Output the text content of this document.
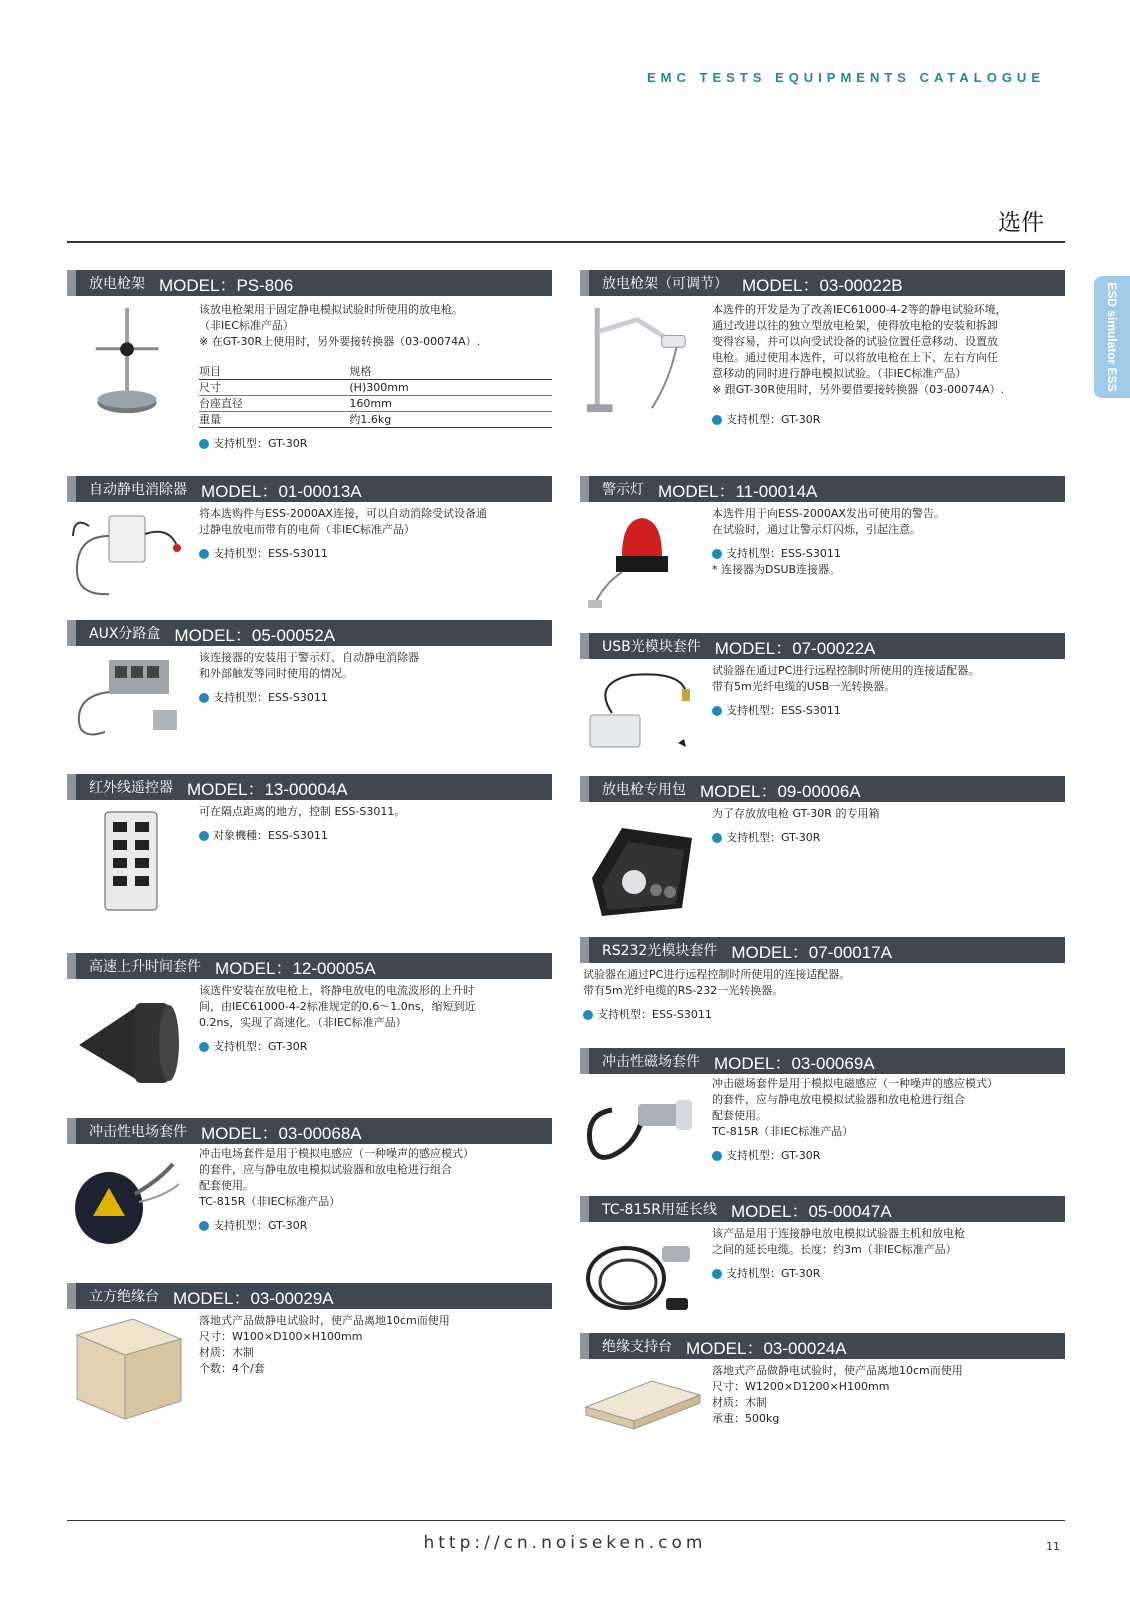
EMC TESTS EQUIPMENTS CATALOGUE
选件
ESD simulator ESS
放电枪架 MODEL：PS-806

该放电枪架用于固定静电模拟试验时所使用的放电枪。

（非IEC标准产品）

※ 在GT-30R上使用时，另外要接转换器（03-00074A）.

项目	规格
尺寸	(H)300mm
台座直径	160mm
重量	约1.6kg
支持机型：GT-30R
放电枪架（可调节） MODEL：03-00022B

本选件的开发是为了改善IEC61000-4-2等的静电试验环境，

通过改进以往的独立型放电枪架，使得放电枪的安装和拆卸

变得容易，并可以向受试设备的试验位置任意移动、设置放

电枪。通过使用本选件，可以将放电枪在上下、左右方向任

意移动的同时进行静电模拟试验。（非IEC标准产品）

※ 跟GT-30R使用时，另外要借要接转换器（03-00074A）.

支持机型：GT-30R
自动静电消除器 MODEL：01-00013A

将本选购件与ESS-2000AX连接，可以自动消除受试设备通

过静电放电而带有的电荷（非IEC标准产品）

支持机型：ESS-S3011
警示灯 MODEL：11-00014A

本选件用于向ESS-2000AX发出可使用的警告。

在试验时，通过让警示灯闪烁，引起注意。

支持机型：ESS-S3011

* 连接器为DSUB连接器。

AUX分路盒 MODEL：05-00052A

该连接器的安装用于警示灯、自动静电消除器

和外部触发等同时使用的情况。

支持机型：ESS-S3011
USB光模块套件 MODEL：07-00022A

试验器在通过PC进行远程控制时所使用的连接适配器。

带有5m光纤电缆的USB一光转换器。

支持机型：ESS-S3011
红外线遥控器 MODEL：13-00004A

可在隔点距离的地方，控制 ESS-S3011。

对象機種：ESS-S3011
放电枪专用包 MODEL：09-00006A

为了存放放电枪 GT-30R 的专用箱

支持机型：GT-30R
RS232光模块套件 MODEL：07-00017A

试验器在通过PC进行远程控制时所使用的连接适配器。

带有5m光纤电缆的RS-232一光转换器。

支持机型：ESS-S3011
高速上升时间套件 MODEL：12-00005A

该选件安装在放电枪上，将静电放电的电流波形的上升时

间，由IEC61000-4-2标准规定的0.6～1.0ns，缩短到近

0.2ns，实现了高速化。（非IEC标准产品）

支持机型：GT-30R
冲击性磁场套件 MODEL：03-00069A

冲击磁场套件是用于模拟电磁感应（一种噪声的感应模式）

的套件，应与静电放电模拟试验器和放电枪进行组合

配套使用。

TC-815R（非IEC标准产品）

支持机型：GT-30R
冲击性电场套件 MODEL：03-00068A

冲击电场套件是用于模拟电感应（一种噪声的感应模式）

的套件，应与静电放电模拟试验器和放电枪进行组合

配套使用。

TC-815R（非IEC标准产品）

支持机型：GT-30R
TC-815R用延长线 MODEL：05-00047A

该产品是用于连接静电放电模拟试验器主机和放电枪

之间的延长电缆。长度：约3m（非IEC标准产品）

支持机型：GT-30R
立方绝缘台 MODEL：03-00029A

落地式产品做静电试验时，使产品离地10cm而使用

尺寸：W100×D100×H100mm

材质：木制

个数：4个/套

绝缘支持台 MODEL：03-00024A

落地式产品做静电试验时，使产品离地10cm而使用

尺寸：W1200×D1200×H100mm

材质：木制

承重：500kg

http://cn.noiseken.com	11
